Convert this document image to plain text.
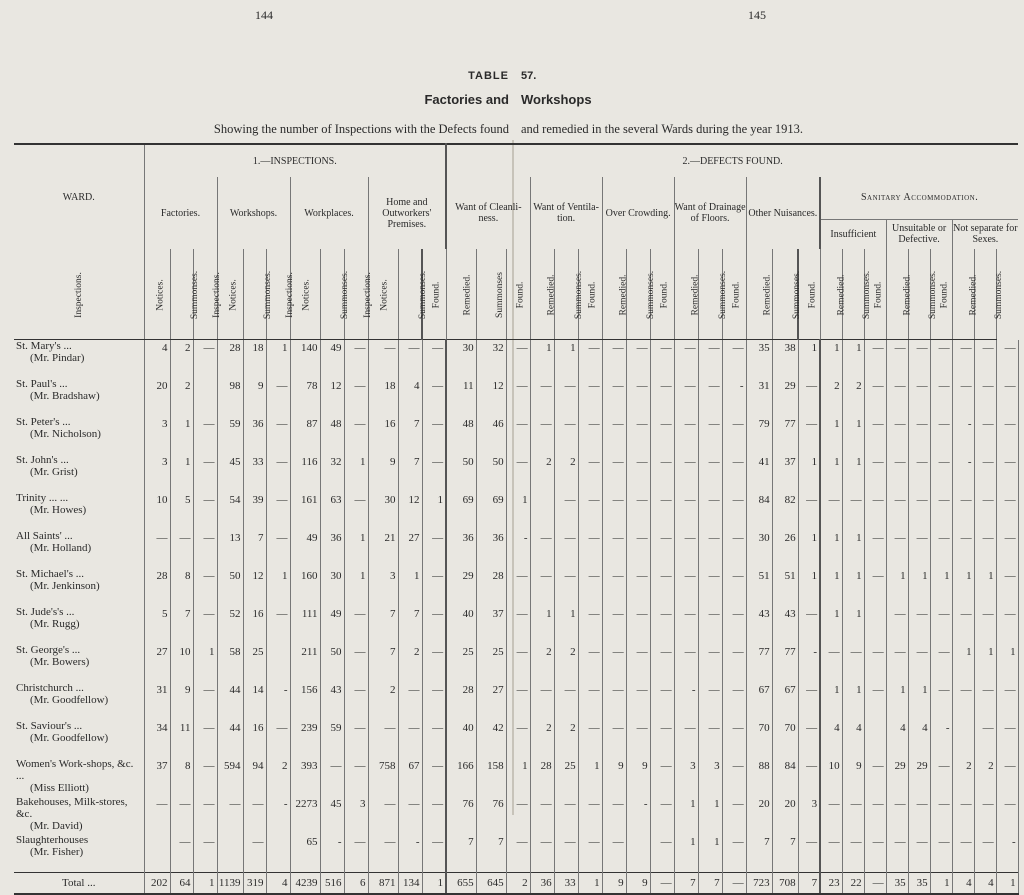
144	145
TABLE 57.
Factories and Workshops
Showing the number of Inspections with the Defects found and remedied in the several Wards during the year 1913.
WARD.	1.—INSPECTIONS.												2.—DEFECTS FOUND.																							
	Factories.			Workshops.			Workplaces.			Home and Outworkers' Premises.			Want of Cleanli-ness.			Want of Ventila-tion.			Over Crowding.			Want of Drainage of Floors.			Other Nuisances.			Sanitary Accommodation.								
																												Insufficient			Unsuitable or Defective.			Not separate for Sexes.		
Inspections.	Notices.	Summonses.	Inspections.	Notices.	Summonses.	Inspections.	Notices.	Summonses.	Inspections.	Notices.	Summonses.	Found.	Remedied.	Summonses	Found.	Remedied.	Summonses.	Found.	Remedied.	Summonses.	Found.	Remedied.	Summonses.	Found.	Remedied.	Summonses.	Found.	Remedied.	Summonses.	Found.	Remedied.	Summonses.	Found.	Remedied.	Summonses.	

St. Mary's ...
(Mr. Pindar)	4	2	—	28	18	1	140	49	—	—	—	—	30	32	—	1	1	—	—	—	—	—	—	—	35	38	1	1	1	—	—	—	—	—	—	—

St. Paul's ...
(Mr. Bradshaw)	20	2		98	9	—	78	12	—	18	4	—	11	12	—	—	—	—	—	—	—	—	—	-	31	29	—	2	2	—	—	—	—	—	—	—

St. Peter's ...
(Mr. Nicholson)	3	1	—	59	36	—	87	48	—	16	7	—	48	46	—	—	—	—	—	—	—	—	—	—	79	77	—	1	1	—	—	—	—	-	—	—

St. John's ...
(Mr. Grist)	3	1	—	45	33	—	116	32	1	9	7	—	50	50	—	2	2	—	—	—	—	—	—	—	41	37	1	1	1	—	—	—	—	-	—	—

Trinity ... ...
(Mr. Howes)	10	5	—	54	39	—	161	63	—	30	12	1	69	69	1		—	—	—	—	—	—	—	—	84	82	—	—	—	—	—	—	—	—	—	—

All Saints' ...
(Mr. Holland)	—	—	—	13	7	—	49	36	1	21	27	—	36	36	-	—	—	—	—	—	—	—	—	—	30	26	1	1	1	—	—	—	—	—	—	—

St. Michael's ...
(Mr. Jenkinson)	28	8	—	50	12	1	160	30	1	3	1	—	29	28	—	—	—	—	—	—	—	—	—	—	51	51	1	1	1	—	1	1	1	1	1	—

St. Jude's's ...
(Mr. Rugg)	5	7	—	52	16	—	111	49	—	7	7	—	40	37	—	1	1	—	—	—	—	—	—	—	43	43	—	1	1		—	—	—	—	—	—

St. George's ...
(Mr. Bowers)	27	10	1	58	25		211	50	—	7	2	—	25	25	—	2	2	—	—	—	—	—	—	—	77	77	-	—	—	—	—	—	—	1	1	1

Christchurch ...
(Mr. Goodfellow)	31	9	—	44	14	-	156	43	—	2	—	—	28	27	—	—	—	—	—	—	—	-	—	—	67	67	—	1	1	—	1	1	—	—	—	—

St. Saviour's ...
(Mr. Goodfellow)	34	11	—	44	16	—	239	59	—	—	—	—	40	42	—	2	2	—	—	—	—	—	—	—	70	70	—	4	4		4	4	-		—	—

Women's Work-shops, &c. ...
(Miss Elliott)	37	8	—	594	94	2	393	—	—	758	67	—	166	158	1	28	25	1	9	9	—	3	3	—	88	84	—	10	9	—	29	29	—	2	2	—

Bakehouses, Milk-stores, &c.
(Mr. David)	—	—	—	—	—	-	2273	45	3	—	—	—	76	76	—	—	—	—	—	-	—	1	1	—	20	20	3	—	—	—	—	—	—	—	—	—

Slaughterhouses
(Mr. Fisher)		—	—		—		65	-	—	—	-	—	7	7	—	—	—	—	—		—	1	1	—	7	7	—	—	—	—	—	—	—	—	—	-
Total ...	202	64	1	1139	319	4	4239	516	6	871	134	1	655	645	2	36	33	1	9	9	—	7	7	—	723	708	7	23	22	—	35	35	1	4	4	1
